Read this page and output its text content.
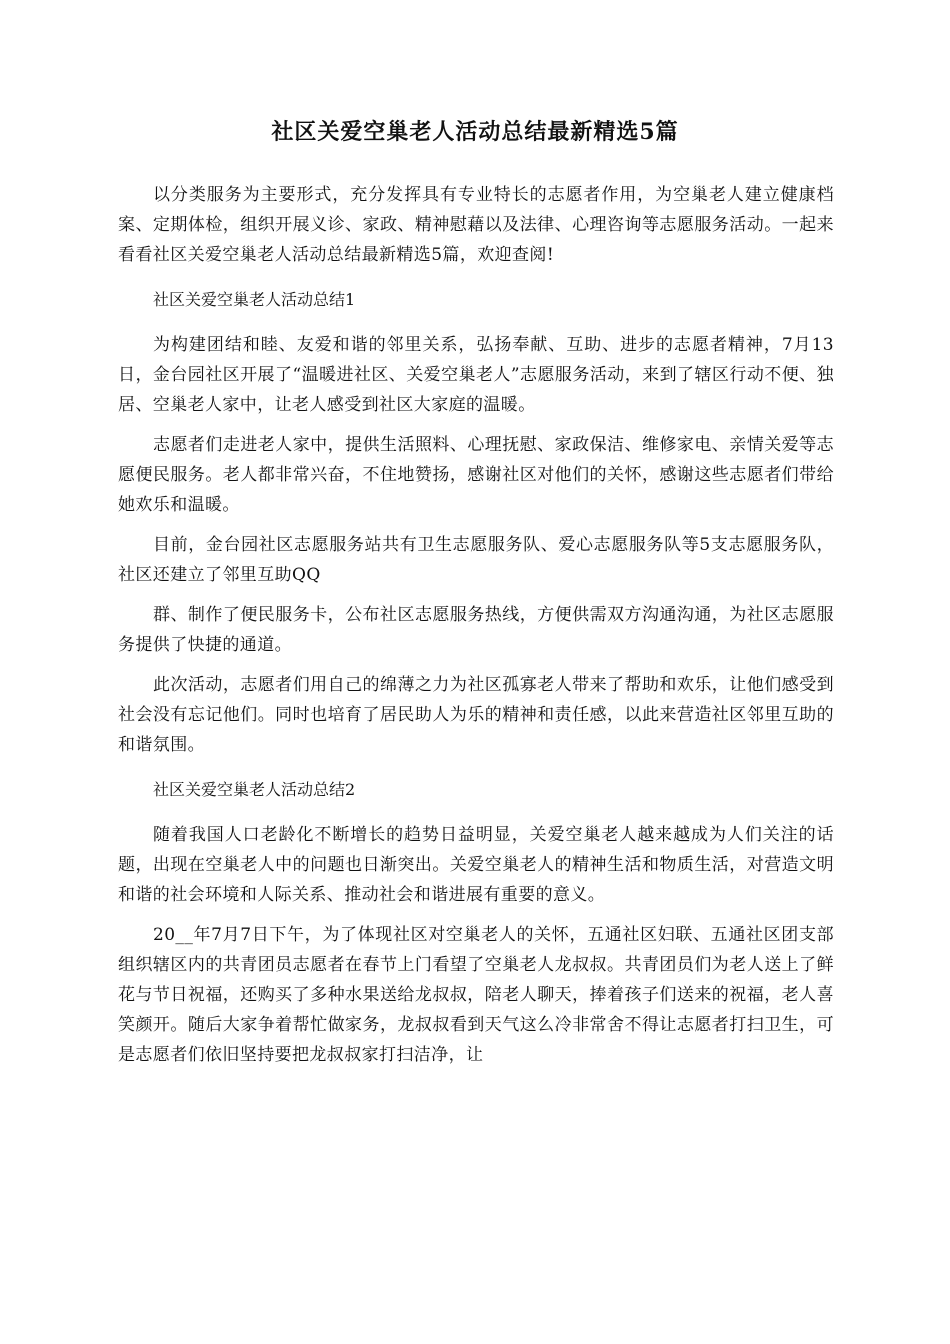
社区关爱空巢老人活动总结最新精选5篇

以分类服务为主要形式，充分发挥具有专业特长的志愿者作用，为空巢老人建立健康档案、定期体检，组织开展义诊、家政、精神慰藉以及法律、心理咨询等志愿服务活动。一起来看看社区关爱空巢老人活动总结最新精选5篇，欢迎查阅!

社区关爱空巢老人活动总结1

为构建团结和睦、友爱和谐的邻里关系，弘扬奉献、互助、进步的志愿者精神，7月13日，金台园社区开展了“温暖进社区、关爱空巢老人”志愿服务活动，来到了辖区行动不便、独居、空巢老人家中，让老人感受到社区大家庭的温暖。

志愿者们走进老人家中，提供生活照料、心理抚慰、家政保洁、维修家电、亲情关爱等志愿便民服务。老人都非常兴奋，不住地赞扬，感谢社区对他们的关怀，感谢这些志愿者们带给她欢乐和温暖。

目前，金台园社区志愿服务站共有卫生志愿服务队、爱心志愿服务队等5支志愿服务队，社区还建立了邻里互助QQ

群、制作了便民服务卡，公布社区志愿服务热线，方便供需双方沟通沟通，为社区志愿服务提供了快捷的通道。

此次活动，志愿者们用自己的绵薄之力为社区孤寡老人带来了帮助和欢乐，让他们感受到社会没有忘记他们。同时也培育了居民助人为乐的精神和责任感，以此来营造社区邻里互助的和谐氛围。

社区关爱空巢老人活动总结2

随着我国人口老龄化不断增长的趋势日益明显，关爱空巢老人越来越成为人们关注的话题，出现在空巢老人中的问题也日渐突出。关爱空巢老人的精神生活和物质生活，对营造文明和谐的社会环境和人际关系、推动社会和谐进展有重要的意义。

20__年7月7日下午，为了体现社区对空巢老人的关怀，五通社区妇联、五通社区团支部组织辖区内的共青团员志愿者在春节上门看望了空巢老人龙叔叔。共青团员们为老人送上了鲜花与节日祝福，还购买了多种水果送给龙叔叔，陪老人聊天，捧着孩子们送来的祝福，老人喜笑颜开。随后大家争着帮忙做家务，龙叔叔看到天气这么冷非常舍不得让志愿者打扫卫生，可是志愿者们依旧坚持要把龙叔叔家打扫洁净，让
